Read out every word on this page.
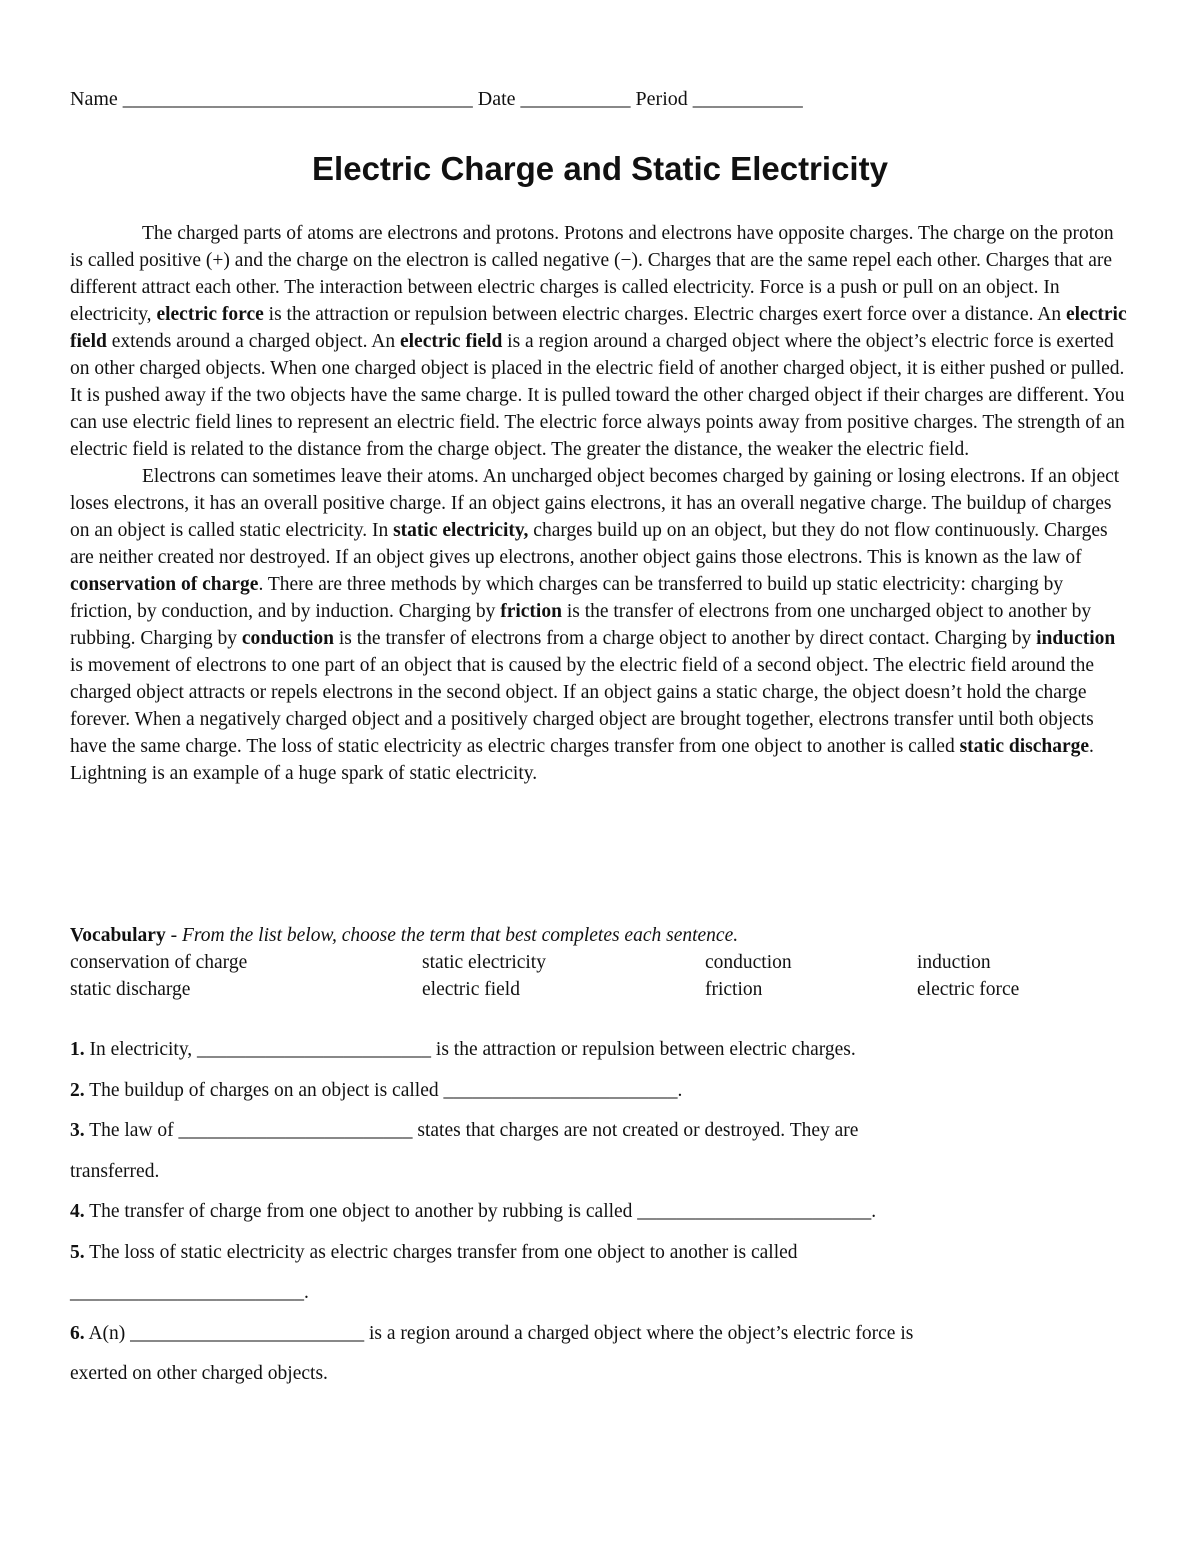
Name ___________________________________ Date ___________ Period ___________
Electric Charge and Static Electricity

The charged parts of atoms are electrons and protons. Protons and electrons have opposite charges. The charge on the proton is called positive (+) and the charge on the electron is called negative (−). Charges that are the same repel each other. Charges that are different attract each other. The interaction between electric charges is called electricity. Force is a push or pull on an object. In electricity, electric force is the attraction or repulsion between electric charges. Electric charges exert force over a distance. An electric field extends around a charged object. An electric field is a region around a charged object where the object’s electric force is exerted on other charged objects. When one charged object is placed in the electric field of another charged object, it is either pushed or pulled. It is pushed away if the two objects have the same charge. It is pulled toward the other charged object if their charges are different. You can use electric field lines to represent an electric field. The electric force always points away from positive charges. The strength of an electric field is related to the distance from the charge object. The greater the distance, the weaker the electric field.

Electrons can sometimes leave their atoms. An uncharged object becomes charged by gaining or losing electrons. If an object loses electrons, it has an overall positive charge. If an object gains electrons, it has an overall negative charge. The buildup of charges on an object is called static electricity. In static electricity, charges build up on an object, but they do not flow continuously. Charges are neither created nor destroyed. If an object gives up electrons, another object gains those electrons. This is known as the law of conservation of charge. There are three methods by which charges can be transferred to build up static electricity: charging by friction, by conduction, and by induction. Charging by friction is the transfer of electrons from one uncharged object to another by rubbing. Charging by conduction is the transfer of electrons from a charge object to another by direct contact. Charging by induction is movement of electrons to one part of an object that is caused by the electric field of a second object. The electric field around the charged object attracts or repels electrons in the second object. If an object gains a static charge, the object doesn’t hold the charge forever. When a negatively charged object and a positively charged object are brought together, electrons transfer until both objects have the same charge. The loss of static electricity as electric charges transfer from one object to another is called static discharge. Lightning is an example of a huge spark of static electricity.

Vocabulary - From the list below, choose the term that best completes each sentence.
conservation of charge	static electricity	conduction	induction
static discharge	electric field	friction	electric force
1. In electricity, ________________________ is the attraction or repulsion between electric charges.
2. The buildup of charges on an object is called ________________________.
3. The law of ________________________ states that charges are not created or destroyed. They are
transferred.
4. The transfer of charge from one object to another by rubbing is called ________________________.
5. The loss of static electricity as electric charges transfer from one object to another is called
________________________.
6. A(n) ________________________ is a region around a charged object where the object’s electric force is
exerted on other charged objects.
